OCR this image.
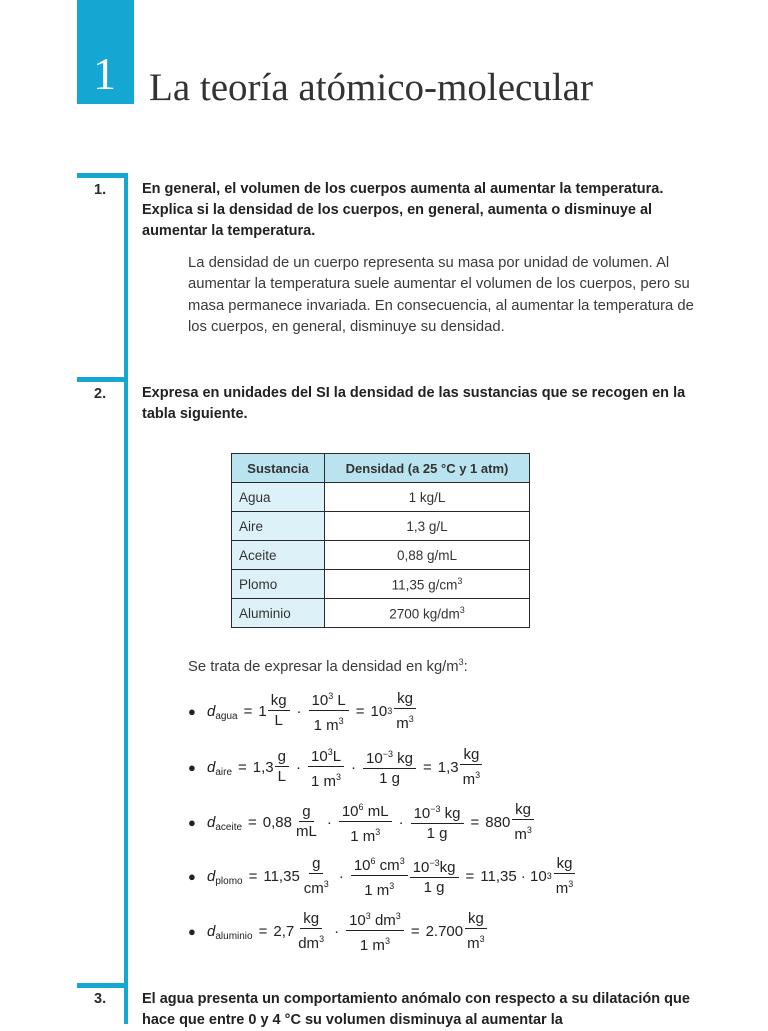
1 La teoría atómico-molecular
1. En general, el volumen de los cuerpos aumenta al aumentar la temperatura. Explica si la densidad de los cuerpos, en general, aumenta o disminuye al aumentar la temperatura.
La densidad de un cuerpo representa su masa por unidad de volumen. Al aumentar la temperatura suele aumentar el volumen de los cuerpos, pero su masa permanece invariada. En consecuencia, al aumentar la temperatura de los cuerpos, en general, disminuye su densidad.
2. Expresa en unidades del SI la densidad de las sustancias que se recogen en la tabla siguiente.
Sustancia	Densidad (a 25 °C y 1 atm)
Agua	1 kg/L
Aire	1,3 g/L
Aceite	0,88 g/mL
Plomo	11,35 $g/cm^3$
Aluminio	2700 $kg/dm^3$
Se trata de expresar la densidad en $kg/m^3$:
● d agua = $1 \frac{kg}{L} \cdot \frac{10^3 L}{1 m^3} = 10$ $3 \frac{kg}{m^3}$
● d aire = $1,3 \frac{g}{L} \cdot \frac{10^3L}{1 m^3} \cdot \frac{10^{-3} kg}{1 g} = 1,3 \frac{kg}{m^3}$
● d aceite = $0,88 \frac{g}{mL} \cdot \frac{10^6 mL}{1 m^3} \cdot \frac{10^{-3} kg}{1 g} = 880 \frac{kg}{m^3}$
● d plomo = $11,35 \frac{g}{cm^3} \cdot \frac{10^6 cm^3}{1 m^3} \frac{10^{-3}kg}{1 g} = 11,35 \cdot 10$ $3 \frac{kg}{m^3}$
● d aluminio = $2,7 \frac{kg}{dm^3} \cdot \frac{10^3 dm^3}{1 m^3} = 2.700 \frac{kg}{m^3}$
3. El agua presenta un comportamiento anómalo con respecto a su dilatación que hace que entre 0 y 4 °C su volumen disminuya al aumentar la
